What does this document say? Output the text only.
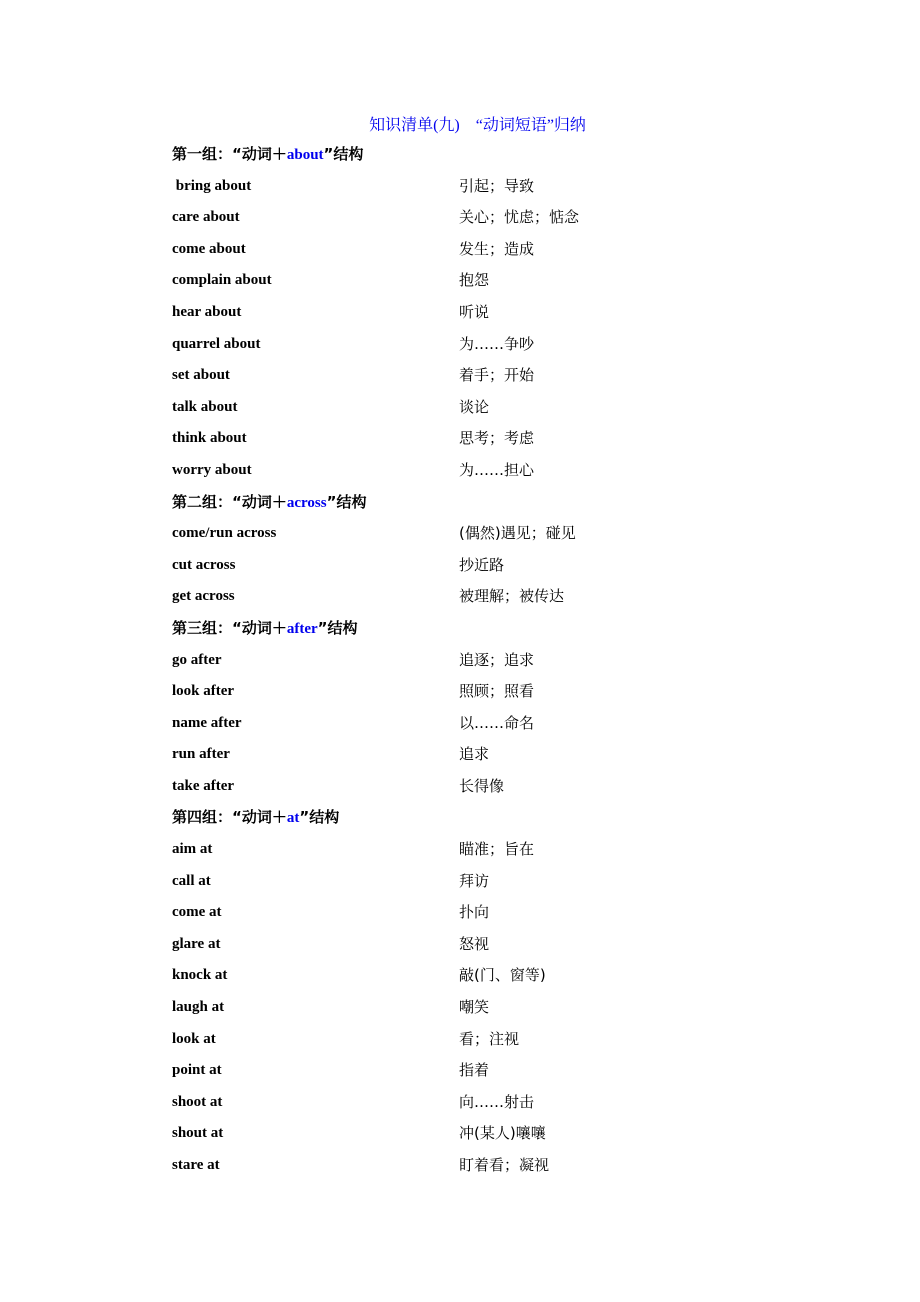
知识清单(九)    “动词短语”归纳
第一组：“动词＋about”结构
bring about	引起；导致
care about	关心；忧虑；惦念
come about	发生；造成
complain about	抱怨
hear about	听说
quarrel about	为……争吵
set about	着手；开始
talk about	谈论
think about	思考；考虑
worry about	为……担心
第二组：“动词＋across”结构
come/run across	(偶然)遇见；碰见
cut across	抄近路
get across	被理解；被传达
第三组：“动词＋after”结构
go after	追逐；追求
look after	照顾；照看
name after	以……命名
run after	追求
take after	长得像
第四组：“动词＋at”结构
aim at	瞄准；旨在
call at	拜访
come at	扑向
glare at	怒视
knock at	敲(门、窗等)
laugh at	嘲笑
look at	看；注视
point at	指着
shoot at	向……射击
shout at	冲(某人)嚷嚷
stare at	盯着看；凝视
